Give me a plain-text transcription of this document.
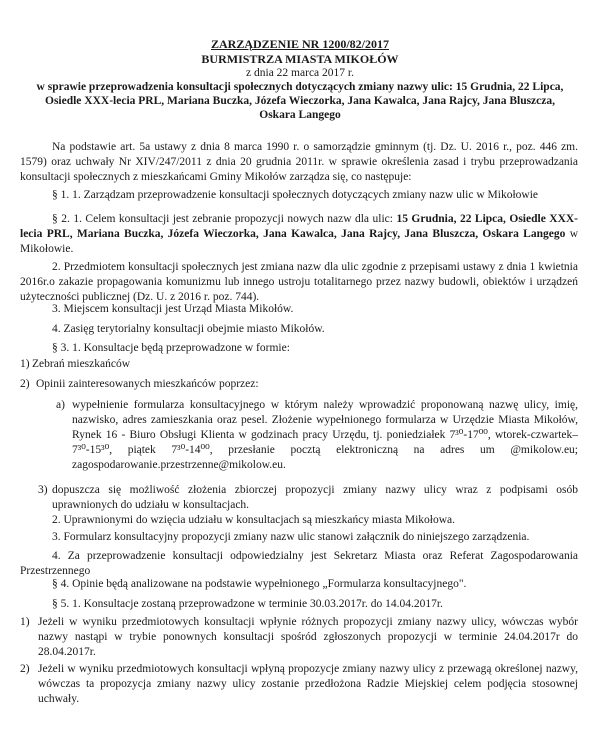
ZARZĄDZENIE NR 1200/82/2017
BURMISTRZA MIASTA MIKOŁÓW
z dnia 22 marca 2017 r.
w sprawie przeprowadzenia konsultacji społecznych dotyczących zmiany nazwy ulic: 15 Grudnia, 22 Lipca, Osiedle XXX-lecia PRL, Mariana Buczka, Józefa Wieczorka, Jana Kawalca, Jana Rajcy, Jana Bluszcza, Oskara Langego
Na podstawie art. 5a ustawy z dnia 8 marca 1990 r. o samorządzie gminnym (tj. Dz. U. 2016 r., poz. 446 zm. 1579) oraz uchwały Nr XIV/247/2011 z dnia 20 grudnia 2011r. w sprawie określenia zasad i trybu przeprowadzania konsultacji społecznych z mieszkańcami Gminy Mikołów zarządza się, co następuje:
§ 1. 1. Zarządzam przeprowadzenie konsultacji społecznych dotyczących zmiany nazw ulic w Mikołowie
§ 2. 1. Celem konsultacji jest zebranie propozycji nowych nazw dla ulic: 15 Grudnia, 22 Lipca, Osiedle XXX-lecia PRL, Mariana Buczka, Józefa Wieczorka, Jana Kawalca, Jana Rajcy, Jana Bluszcza, Oskara Langego w Mikołowie.
2. Przedmiotem konsultacji społecznych jest zmiana nazw dla ulic zgodnie z przepisami ustawy z dnia 1 kwietnia 2016r.o zakazie propagowania komunizmu lub innego ustroju totalitarnego przez nazwy budowli, obiektów i urządzeń użyteczności publicznej (Dz. U. z 2016 r. poz. 744).
3. Miejscem konsultacji jest Urząd Miasta Mikołów.
4. Zasięg terytorialny konsultacji obejmie miasto Mikołów.
§ 3. 1. Konsultacje będą przeprowadzone w formie:
1) Zebrań mieszkańców
2) Opinii zainteresowanych mieszkańców poprzez:
a) wypełnienie formularza konsultacyjnego w którym należy wprowadzić proponowaną nazwę ulicy, imię, nazwisko, adres zamieszkania oraz pesel. Złożenie wypełnionego formularza w Urzędzie Miasta Mikołów, Rynek 16 - Biuro Obsługi Klienta w godzinach pracy Urzędu, tj. poniedziałek 7³⁰-17⁰⁰, wtorek-czwartek–7³⁰-15³⁰, piątek 7³⁰-14⁰⁰, przesłanie pocztą elektroniczną na adres um @mikolow.eu; zagospodarowanie.przestrzenne@mikolow.eu.
3) dopuszcza się możliwość złożenia zbiorczej propozycji zmiany nazwy ulicy wraz z podpisami osób uprawnionych do udziału w konsultacjach.
2. Uprawnionymi do wzięcia udziału w konsultacjach są mieszkańcy miasta Mikołowa.
3. Formularz konsultacyjny propozycji zmiany nazw ulic stanowi załącznik do niniejszego zarządzenia.
4. Za przeprowadzenie konsultacji odpowiedzialny jest Sekretarz Miasta oraz Referat Zagospodarowania Przestrzennego
§ 4. Opinie będą analizowane na podstawie wypełnionego „Formularza konsultacyjnego".
§ 5. 1. Konsultacje zostaną przeprowadzone w terminie 30.03.2017r. do 14.04.2017r.
1) Jeżeli w wyniku przedmiotowych konsultacji wpłynie różnych propozycji zmiany nazwy ulicy, wówczas wybór nazwy nastąpi w trybie ponownych konsultacji spośród zgłoszonych propozycji w terminie 24.04.2017r do 28.04.2017r.
2) Jeżeli w wyniku przedmiotowych konsultacji wpłyną propozycje zmiany nazwy ulicy z przewagą określonej nazwy, wówczas ta propozycja zmiany nazwy ulicy zostanie przedłożona Radzie Miejskiej celem podjęcia stosownej uchwały.
